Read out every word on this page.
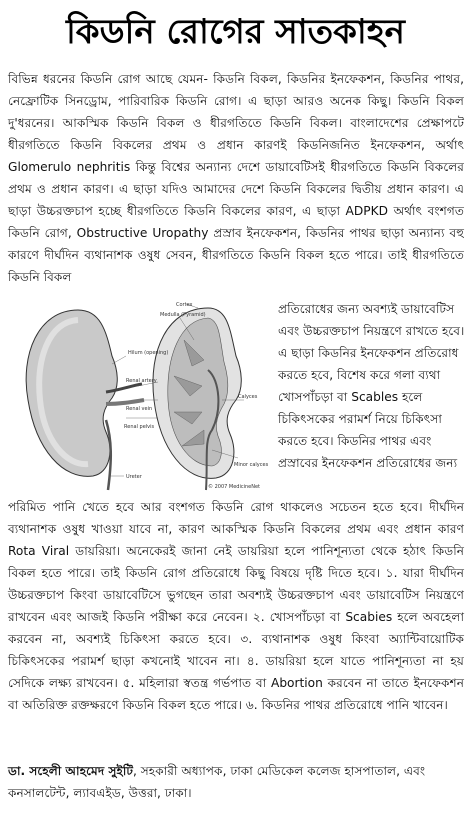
কিডনি রোগের সাতকাহন

বিভিন্ন ধরনের কিডনি রোগ আছে যেমন- কিডনি বিকল, কিডনির ইনফেকশন, কিডনির পাথর, নেফ্রোটিক সিনড্রোম, পারিবারিক কিডনি রোগ। এ ছাড়া আরও অনেক কিছু। কিডনি বিকল দু'ধরনের। আকস্মিক কিডনি বিকল ও ধীরগতিতে কিডনি বিকল। বাংলাদেশের প্রেক্ষাপটে ধীরগতিতে কিডনি বিকলের প্রথম ও প্রধান কারণই কিডনিজনিত ইনফেকশন, অর্থাৎ Glomerulo nephritis কিন্তু বিশ্বের অন্যান্য দেশে ডায়াবেটিসই ধীরগতিতে কিডনি বিকলের প্রথম ও প্রধান কারণ। এ ছাড়া যদিও আমাদের দেশে কিডনি বিকলের দ্বিতীয় প্রধান কারণ। এ ছাড়া উচ্চরক্তচাপ হচ্ছে ধীরগতিতে কিডনি বিকলের কারণ, এ ছাড়া ADPKD অর্থাৎ বংশগত কিডনি রোগ, Obstructive Uropathy প্রস্রাব ইনফেকশন, কিডনির পাথর ছাড়া অন্যান্য বহু কারণে দীর্ঘদিন ব্যথানাশক ওষুধ সেবন, ধীরগতিতে কিডনি বিকল হতে পারে। তাই ধীরগতিতে কিডনি বিকল

Hilum (opening)
Renal artery
Renal vein
Renal pelvis
Ureter
Cortex
Medulla (Pyramid)
Calyces
Minor calyces
© 2007 MedicineNet

প্রতিরোধের জন্য অবশ্যই ডায়াবেটিস এবং উচ্চরক্তচাপ নিয়ন্ত্রণে রাখতে হবে। এ ছাড়া কিডনির ইনফেকশন প্রতিরোধ করতে হবে, বিশেষ করে গলা ব্যথা খোসপাঁচড়া বা Scables হলে চিকিৎসকের পরামর্শ নিয়ে চিকিৎসা করতে হবে। কিডনির পাথর এবং প্রস্রাবের ইনফেকশন প্রতিরোধের জন্য

পরিমিত পানি খেতে হবে আর বংশগত কিডনি রোগ থাকলেও সচেতন হতে হবে। দীর্ঘদিন ব্যথানাশক ওষুধ খাওয়া যাবে না, কারণ আকস্মিক কিডনি বিকলের প্রথম এবং প্রধান কারণ Rota Viral ডায়রিয়া। অনেকেরই জানা নেই ডায়রিয়া হলে পানিশূন্যতা থেকে হঠাৎ কিডনি বিকল হতে পারে। তাই কিডনি রোগ প্রতিরোধে কিছু বিষয়ে দৃষ্টি দিতে হবে। ১. যারা দীর্ঘদিন উচ্চরক্তচাপ কিংবা ডায়াবেটিসে ভুগছেন তারা অবশ্যই উচ্চরক্তচাপ এবং ডায়াবেটিস নিয়ন্ত্রণে রাখবেন এবং আজই কিডনি পরীক্ষা করে নেবেন। ২. খোসপাঁচড়া বা Scabies হলে অবহেলা করবেন না, অবশ্যই চিকিৎসা করতে হবে। ৩. ব্যথানাশক ওষুধ কিংবা অ্যান্টিবায়োটিক চিকিৎসকের পরামর্শ ছাড়া কখনোই খাবেন না। ৪. ডায়রিয়া হলে যাতে পানিশূন্যতা না হয় সেদিকে লক্ষ্য রাখবেন। ৫. মহিলারা স্বতন্ত্র গর্ভপাত বা Abortion করবেন না তাতে ইনফেকশন বা অতিরিক্ত রক্তক্ষরণে কিডনি বিকল হতে পারে। ৬. কিডনির পাথর প্রতিরোধে পানি খাবেন।

ডা. সহেলী আহমেদ সুইটি, সহকারী অধ্যাপক, ঢাকা মেডিকেল কলেজ হাসপাতাল, এবং কনসালটেন্ট, ল্যাবএইড, উত্তরা, ঢাকা।
